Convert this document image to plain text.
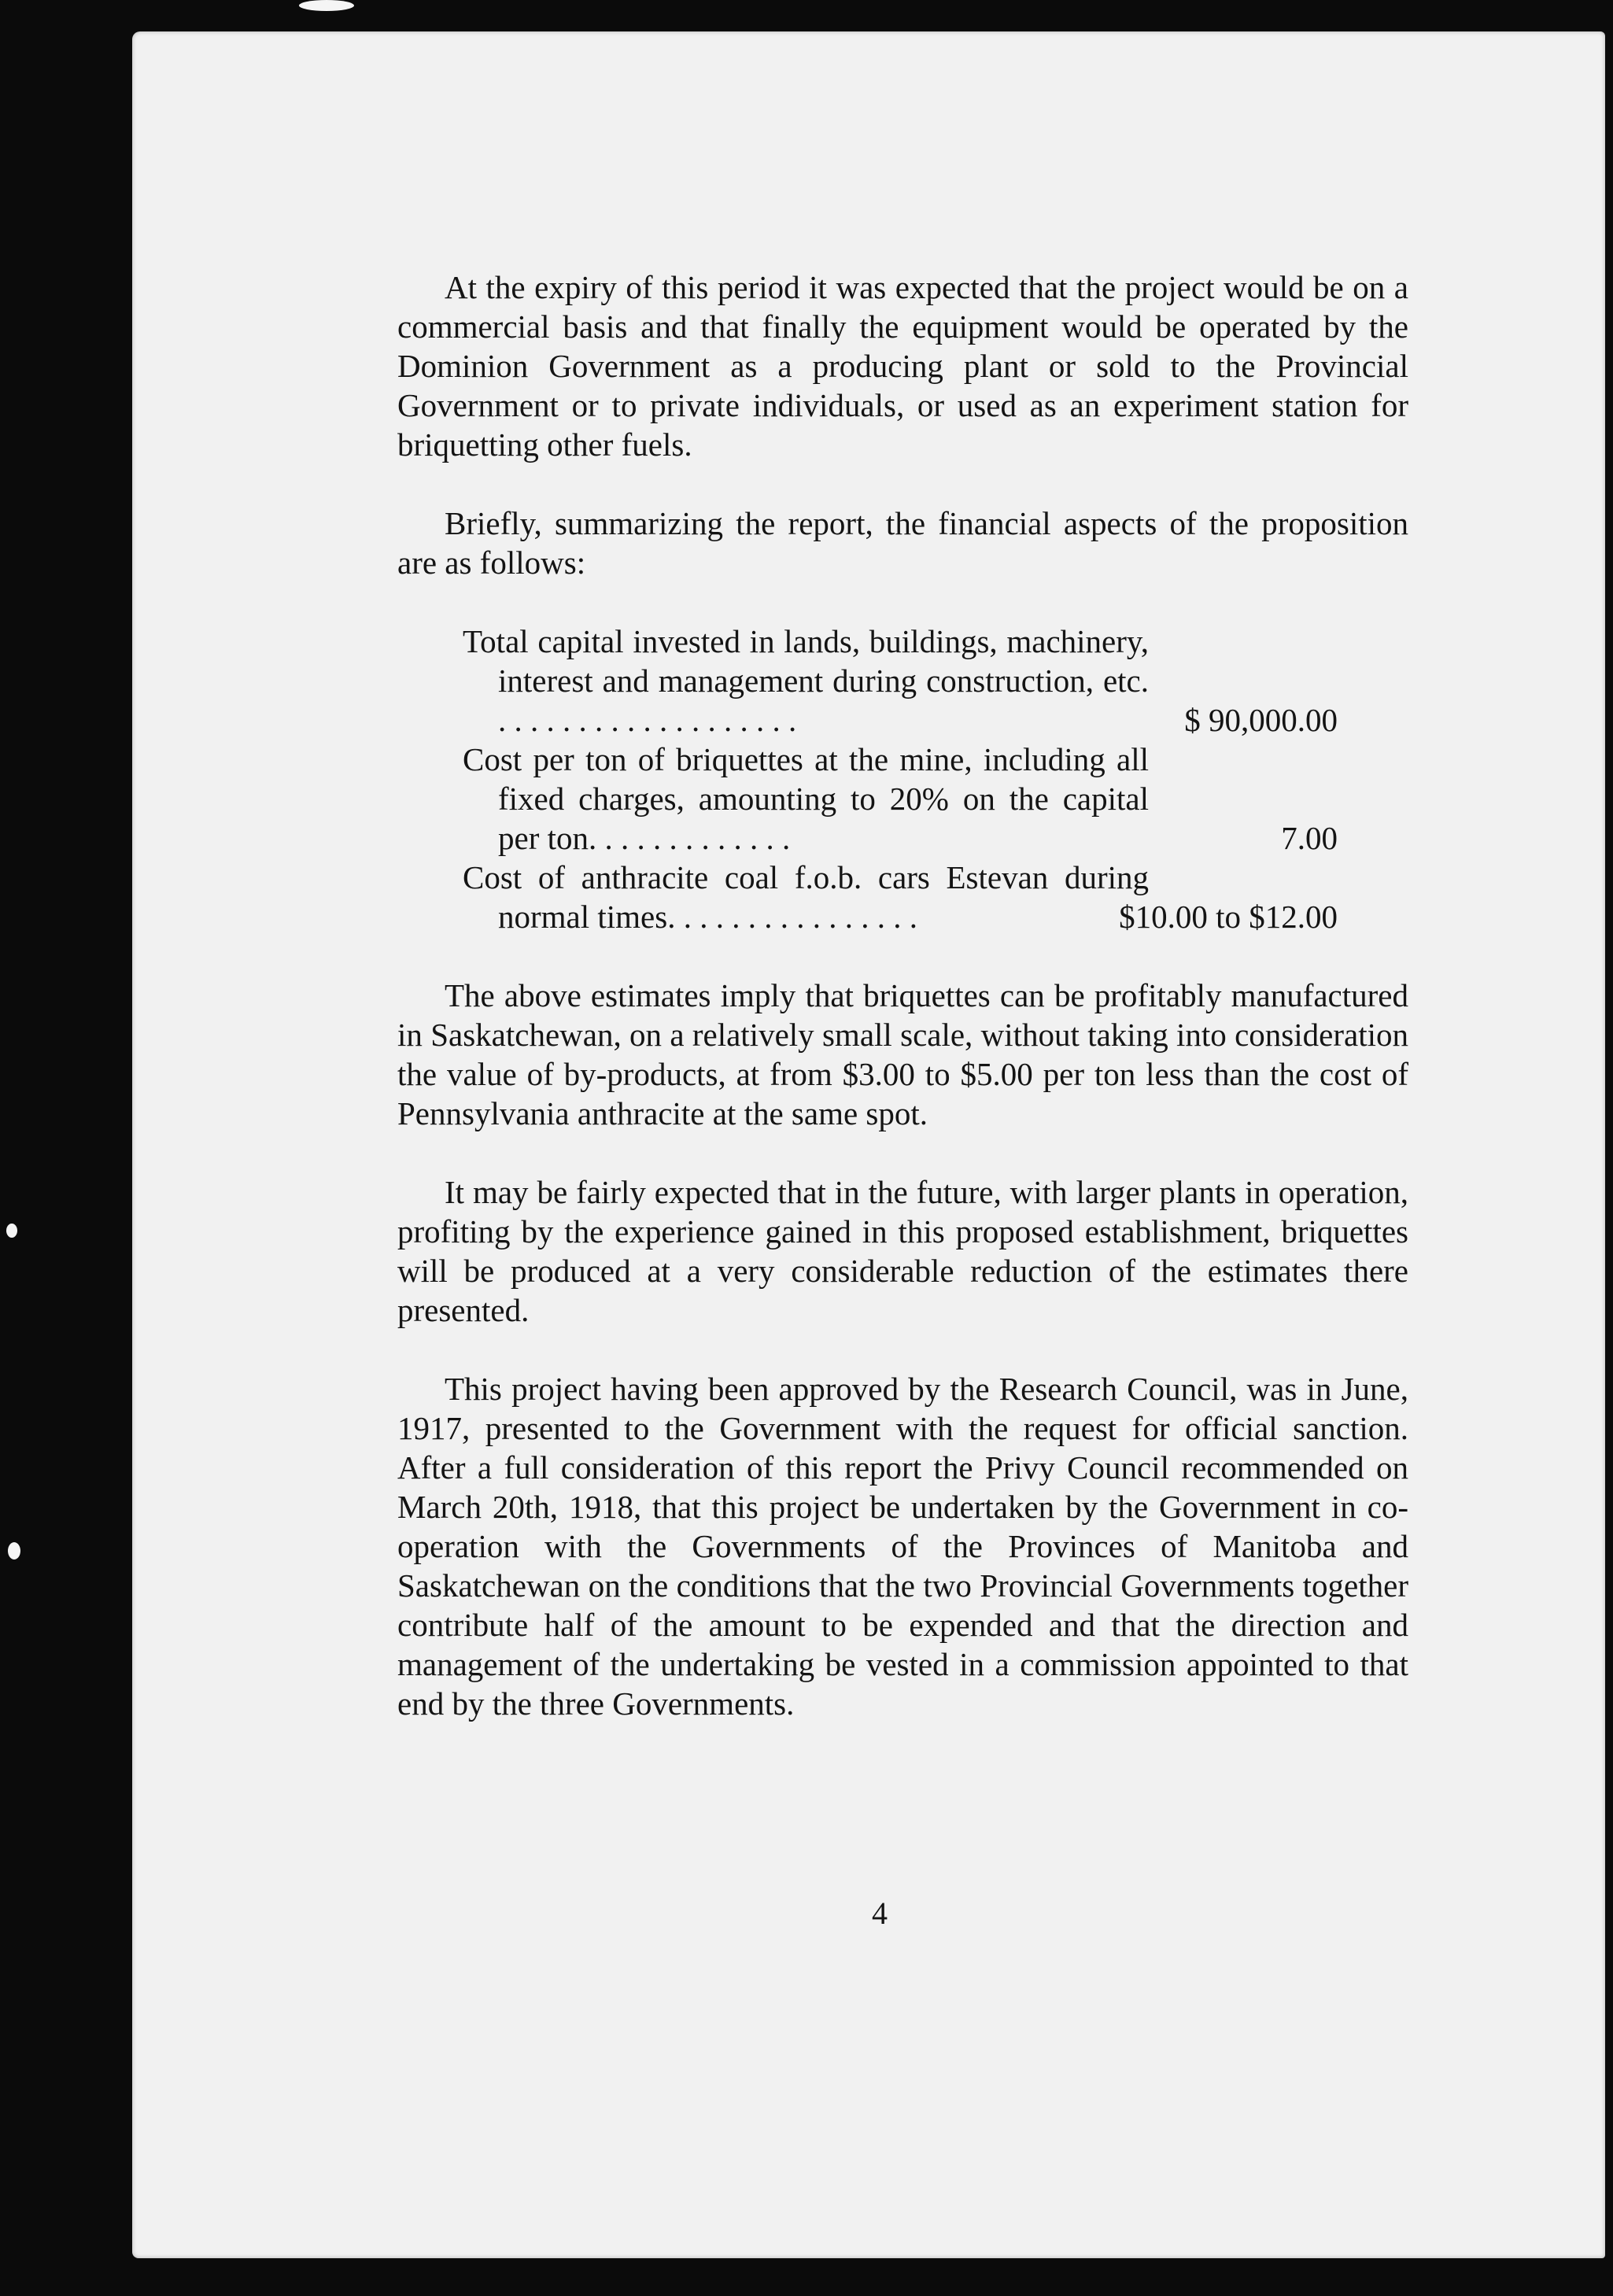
At the expiry of this period it was expected that the project would be on a commercial basis and that finally the equipment would be operated by the Dominion Government as a producing plant or sold to the Provincial Government or to private individuals, or used as an experiment station for briquetting other fuels.

Briefly, summarizing the report, the financial aspects of the proposition are as follows:

Total capital invested in lands, buildings, machinery, interest and management during construction, etc. . . . . . . . . . . . . . . . . . . .	$ 90,000.00
Cost per ton of briquettes at the mine, including all fixed charges, amounting to 20% on the capital per ton. . . . . . . . . . . . .	7.00
Cost of anthracite coal f.o.b. cars Estevan during normal times. . . . . . . . . . . . . . . .	$10.00 to $12.00

The above estimates imply that briquettes can be profitably manufactured in Saskatchewan, on a relatively small scale, without taking into consideration the value of by-products, at from $3.00 to $5.00 per ton less than the cost of Pennsylvania anthracite at the same spot.

It may be fairly expected that in the future, with larger plants in operation, profiting by the experience gained in this proposed establishment, briquettes will be produced at a very considerable reduction of the estimates there presented.

This project having been approved by the Research Council, was in June, 1917, presented to the Government with the request for official sanction. After a full consideration of this report the Privy Council recommended on March 20th, 1918, that this project be undertaken by the Government in co-operation with the Governments of the Provinces of Manitoba and Saskatchewan on the conditions that the two Provincial Governments together contribute half of the amount to be expended and that the direction and management of the undertaking be vested in a commission appointed to that end by the three Governments.

4
